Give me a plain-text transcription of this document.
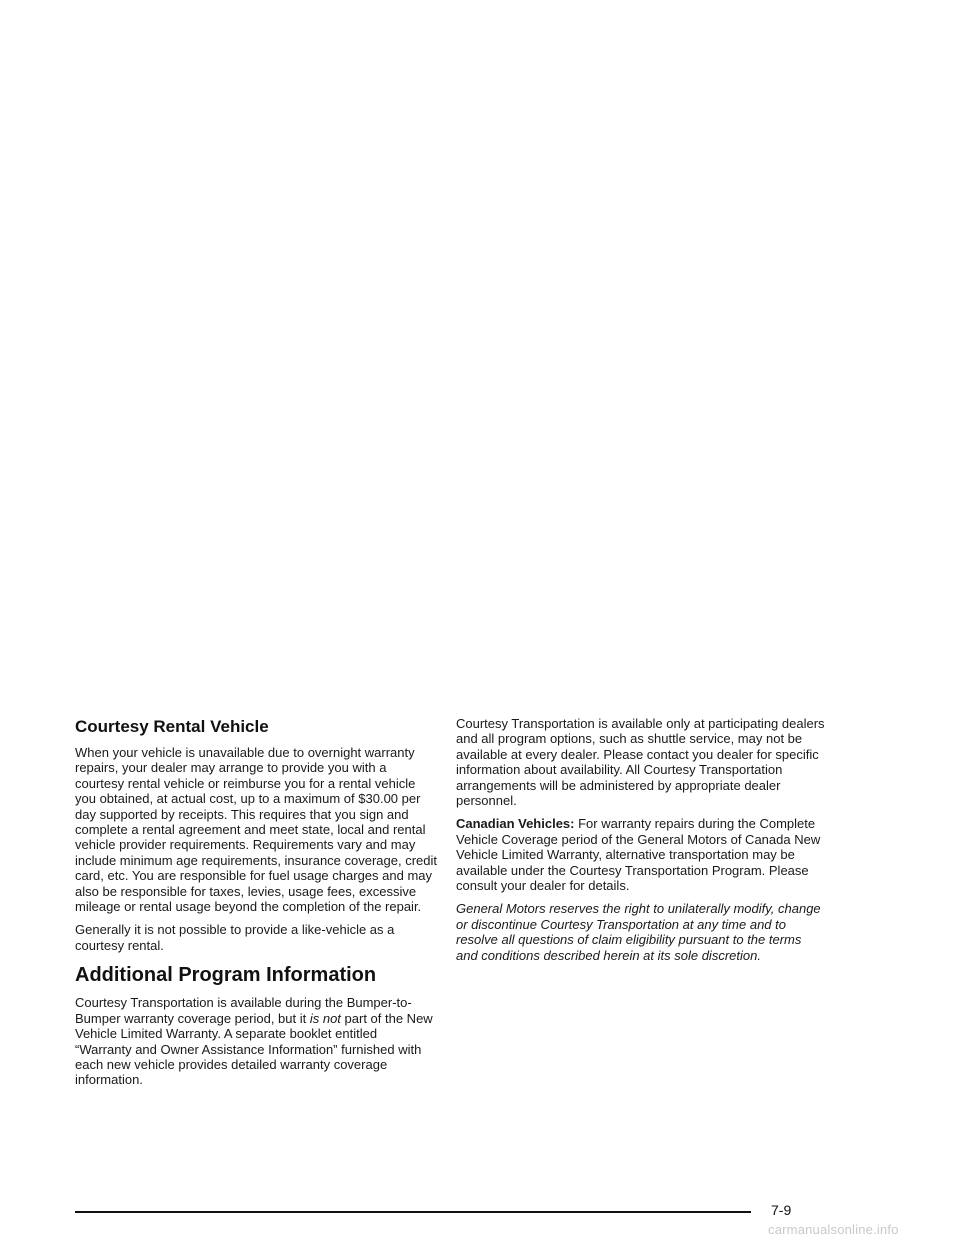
Courtesy Rental Vehicle

When your vehicle is unavailable due to overnight warranty repairs, your dealer may arrange to provide you with a courtesy rental vehicle or reimburse you for a rental vehicle you obtained, at actual cost, up to a maximum of $30.00 per day supported by receipts. This requires that you sign and complete a rental agreement and meet state, local and rental vehicle provider requirements. Requirements vary and may include minimum age requirements, insurance coverage, credit card, etc. You are responsible for fuel usage charges and may also be responsible for taxes, levies, usage fees, excessive mileage or rental usage beyond the completion of the repair.

Generally it is not possible to provide a like-vehicle as a courtesy rental.

Additional Program Information

Courtesy Transportation is available during the Bumper-to-Bumper warranty coverage period, but it is not part of the New Vehicle Limited Warranty. A separate booklet entitled “Warranty and Owner Assistance Information” furnished with each new vehicle provides detailed warranty coverage information.

Courtesy Transportation is available only at participating dealers and all program options, such as shuttle service, may not be available at every dealer. Please contact you dealer for specific information about availability. All Courtesy Transportation arrangements will be administered by appropriate dealer personnel.

Canadian Vehicles: For warranty repairs during the Complete Vehicle Coverage period of the General Motors of Canada New Vehicle Limited Warranty, alternative transportation may be available under the Courtesy Transportation Program. Please consult your dealer for details.

General Motors reserves the right to unilaterally modify, change or discontinue Courtesy Transportation at any time and to resolve all questions of claim eligibility pursuant to the terms and conditions described herein at its sole discretion.

7-9
carmanualsonline.info
